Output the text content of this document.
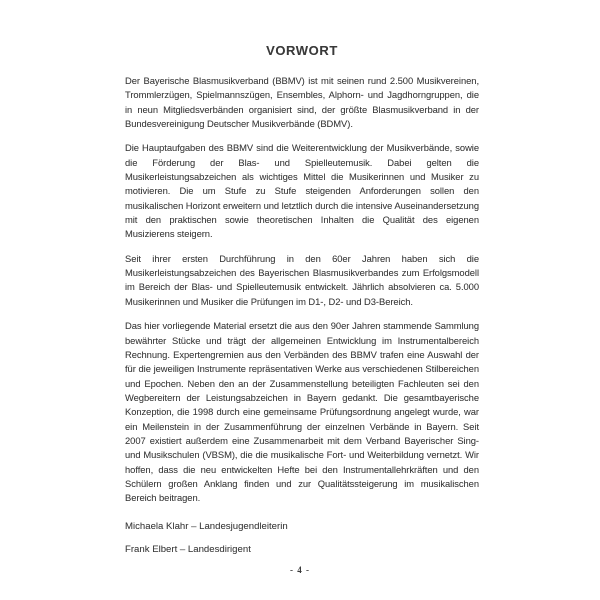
VORWORT

Der Bayerische Blasmusikverband (BBMV) ist mit seinen rund 2.500 Musikvereinen, Trommlerzügen, Spielmannszügen, Ensembles, Alphorn- und Jagdhorngruppen, die in neun Mitgliedsverbänden organisiert sind, der größte Blasmusikverband in der Bundesvereinigung Deutscher Musikverbände (BDMV).

Die Hauptaufgaben des BBMV sind die Weiterentwicklung der Musikverbände, sowie die Förderung der Blas- und Spielleutemusik. Dabei gelten die Musikerleistungsabzeichen als wichtiges Mittel die Musikerinnen und Musiker zu motivieren. Die um Stufe zu Stufe steigenden Anforderungen sollen den musikalischen Horizont erweitern und letztlich durch die intensive Auseinandersetzung mit den praktischen sowie theoretischen Inhalten die Qualität des eigenen Musizierens steigern.

Seit ihrer ersten Durchführung in den 60er Jahren haben sich die Musikerleistungsabzeichen des Bayerischen Blasmusikverbandes zum Erfolgsmodell im Bereich der Blas- und Spielleutemusik entwickelt. Jährlich absolvieren ca. 5.000 Musikerinnen und Musiker die Prüfungen im D1-, D2- und D3-Bereich.

Das hier vorliegende Material ersetzt die aus den 90er Jahren stammende Sammlung bewährter Stücke und trägt der allgemeinen Entwicklung im Instrumentalbereich Rechnung. Expertengremien aus den Verbänden des BBMV trafen eine Auswahl der für die jeweiligen Instrumente repräsentativen Werke aus verschiedenen Stilbereichen und Epochen. Neben den an der Zusammenstellung beteiligten Fachleuten sei den Wegbereitern der Leistungsabzeichen in Bayern gedankt. Die gesamtbayerische Konzeption, die 1998 durch eine gemeinsame Prüfungsordnung angelegt wurde, war ein Meilenstein in der Zusammenführung der einzelnen Verbände in Bayern. Seit 2007 existiert außerdem eine Zusammenarbeit mit dem Verband Bayerischer Sing- und Musikschulen (VBSM), die die musikalische Fort- und Weiterbildung vernetzt. Wir hoffen, dass die neu entwickelten Hefte bei den Instrumentallehrkräften und den Schülern großen Anklang finden und zur Qualitätssteigerung im musikalischen Bereich beitragen.

Michaela Klahr – Landesjugendleiterin

Frank Elbert – Landesdirigent

- 4 -
